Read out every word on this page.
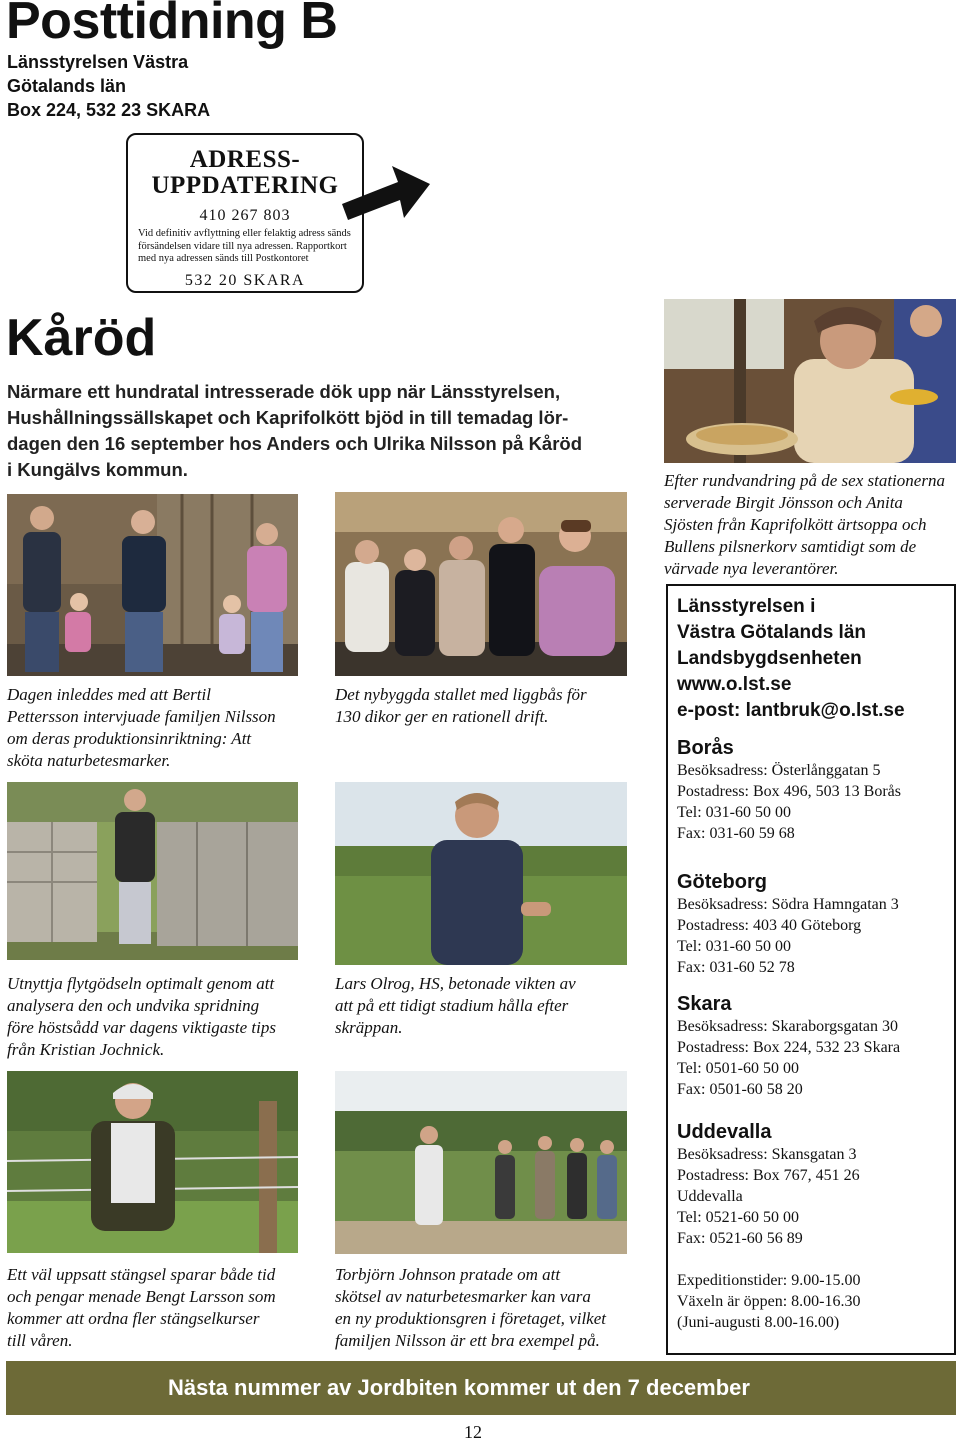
Posttidning B
Länsstyrelsen Västra
Götalands län
Box 224, 532 23 SKARA
ADRESS-
UPPDATERING
410 267 803
Vid definitiv avflyttning eller felaktig adress sänds
försändelsen vidare till nya adressen. Rapportkort
med nya adressen sänds till Postkontoret
532 20 SKARA
Kåröd
Närmare ett hundratal intresserade dök upp när Länsstyrelsen,
Hushållningssällskapet och Kaprifolkött bjöd in till temadag lör-
dagen den 16 september hos Anders och Ulrika Nilsson på Kåröd
i Kungälvs kommun.
Dagen inleddes med att Bertil
Pettersson intervjuade familjen Nilsson
om deras produktionsinriktning: Att
sköta naturbetesmarker.
Det nybyggda stallet med liggbås för
130 dikor ger en rationell drift.
Efter rundvandring på de sex stationerna
serverade Birgit Jönsson och Anita
Sjösten från Kaprifolkött ärtsoppa och
Bullens pilsnerkorv samtidigt som de
värvade nya leverantörer.
Utnyttja flytgödseln optimalt genom att
analysera den och undvika spridning
före höstsådd var dagens viktigaste tips
från Kristian Jochnick.
Lars Olrog, HS, betonade vikten av
att på ett tidigt stadium hålla efter
skräppan.
Ett väl uppsatt stängsel sparar både tid
och pengar menade Bengt Larsson som
kommer att ordna fler stängselkurser
till våren.
Torbjörn Johnson pratade om att
skötsel av naturbetesmarker kan vara
en ny produktionsgren i företaget, vilket
familjen Nilsson är ett bra exempel på.
Länsstyrelsen i
Västra Götalands län
Landsbygdsenheten
www.o.lst.se
e-post: lantbruk@o.lst.se
Borås
Besöksadress: Österlånggatan 5
Postadress: Box 496, 503 13 Borås
Tel: 031-60 50 00
Fax: 031-60 59 68
Göteborg
Besöksadress: Södra Hamngatan 3
Postadress: 403 40 Göteborg
Tel: 031-60 50 00
Fax: 031-60 52 78
Skara
Besöksadress: Skaraborgsgatan 30
Postadress: Box 224, 532 23 Skara
Tel: 0501-60 50 00
Fax: 0501-60 58 20
Uddevalla
Besöksadress: Skansgatan 3
Postadress: Box 767, 451 26
Uddevalla
Tel: 0521-60 50 00
Fax: 0521-60 56 89
Expeditionstider: 9.00-15.00
Växeln är öppen: 8.00-16.30
(Juni-augusti 8.00-16.00)
Nästa nummer av Jordbiten kommer ut den 7 december
12
